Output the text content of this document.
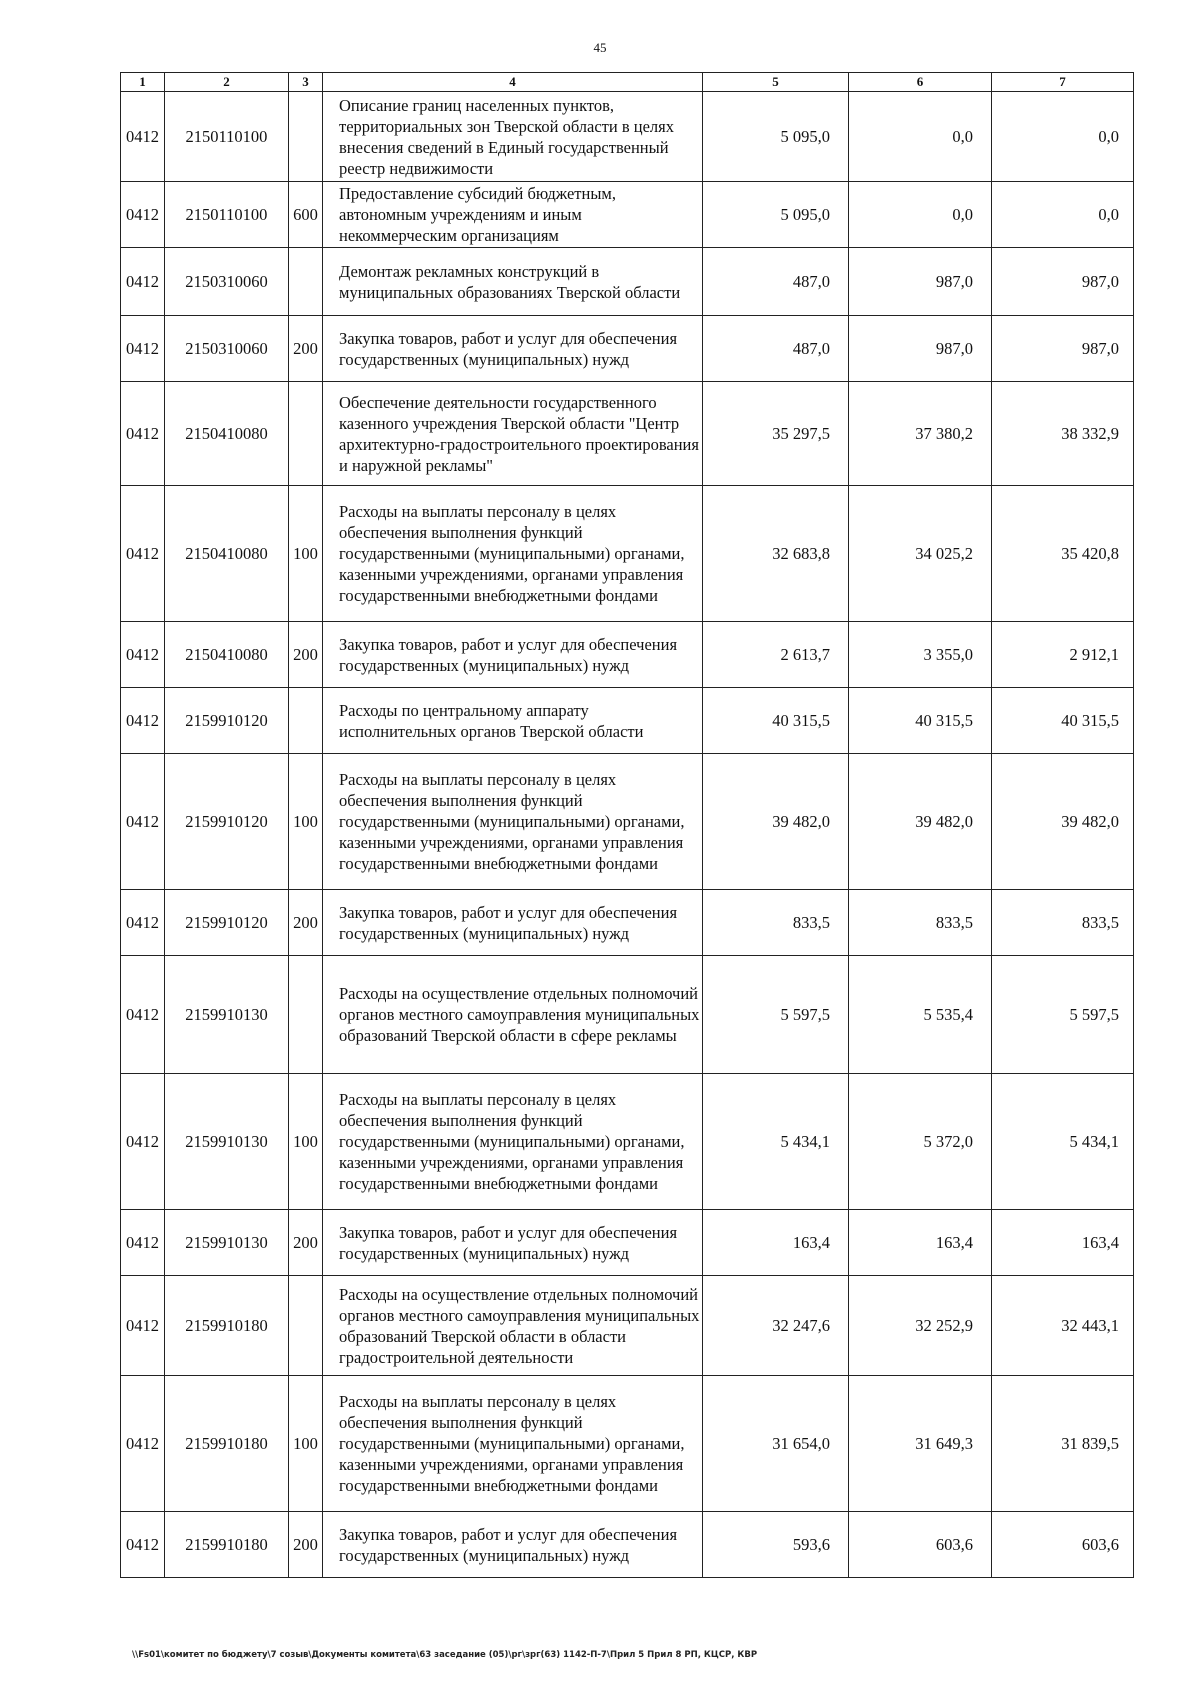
45
1	2	3	4	5	6	7
0412	2150110100		Описание границ населенных пунктов, территориальных зон Тверской области в целях внесения сведений в Единый государственный реестр недвижимости	5 095,0	0,0	0,0
0412	2150110100	600	Предоставление субсидий бюджетным, автономным учреждениям и иным некоммерческим организациям	5 095,0	0,0	0,0
0412	2150310060		Демонтаж рекламных конструкций в муниципальных образованиях Тверской области	487,0	987,0	987,0
0412	2150310060	200	Закупка товаров, работ и услуг для обеспечения государственных (муниципальных) нужд	487,0	987,0	987,0
0412	2150410080		Обеспечение деятельности государственного казенного учреждения Тверской области "Центр архитектурно-градостроительного проектирования и наружной рекламы"	35 297,5	37 380,2	38 332,9
0412	2150410080	100	Расходы на выплаты персоналу в целях обеспечения выполнения функций государственными (муниципальными) органами, казенными учреждениями, органами управления государственными внебюджетными фондами	32 683,8	34 025,2	35 420,8
0412	2150410080	200	Закупка товаров, работ и услуг для обеспечения государственных (муниципальных) нужд	2 613,7	3 355,0	2 912,1
0412	2159910120		Расходы по центральному аппарату исполнительных органов Тверской области	40 315,5	40 315,5	40 315,5
0412	2159910120	100	Расходы на выплаты персоналу в целях обеспечения выполнения функций государственными (муниципальными) органами, казенными учреждениями, органами управления государственными внебюджетными фондами	39 482,0	39 482,0	39 482,0
0412	2159910120	200	Закупка товаров, работ и услуг для обеспечения государственных (муниципальных) нужд	833,5	833,5	833,5
0412	2159910130		Расходы на осуществление отдельных полномочий органов местного самоуправления муниципальных образований Тверской области в сфере рекламы	5 597,5	5 535,4	5 597,5
0412	2159910130	100	Расходы на выплаты персоналу в целях обеспечения выполнения функций государственными (муниципальными) органами, казенными учреждениями, органами управления государственными внебюджетными фондами	5 434,1	5 372,0	5 434,1
0412	2159910130	200	Закупка товаров, работ и услуг для обеспечения государственных (муниципальных) нужд	163,4	163,4	163,4
0412	2159910180		Расходы на осуществление отдельных полномочий органов местного самоуправления муниципальных образований Тверской области в области градостроительной деятельности	32 247,6	32 252,9	32 443,1
0412	2159910180	100	Расходы на выплаты персоналу в целях обеспечения выполнения функций государственными (муниципальными) органами, казенными учреждениями, органами управления государственными внебюджетными фондами	31 654,0	31 649,3	31 839,5
0412	2159910180	200	Закупка товаров, работ и услуг для обеспечения государственных (муниципальных) нужд	593,6	603,6	603,6
\\Fs01\комитет по бюджету\7 созыв\Документы комитета\63 заседание (05)\рг\зрг(63) 1142-П-7\Прил 5 Прил 8 РП, КЦСР, КВР
